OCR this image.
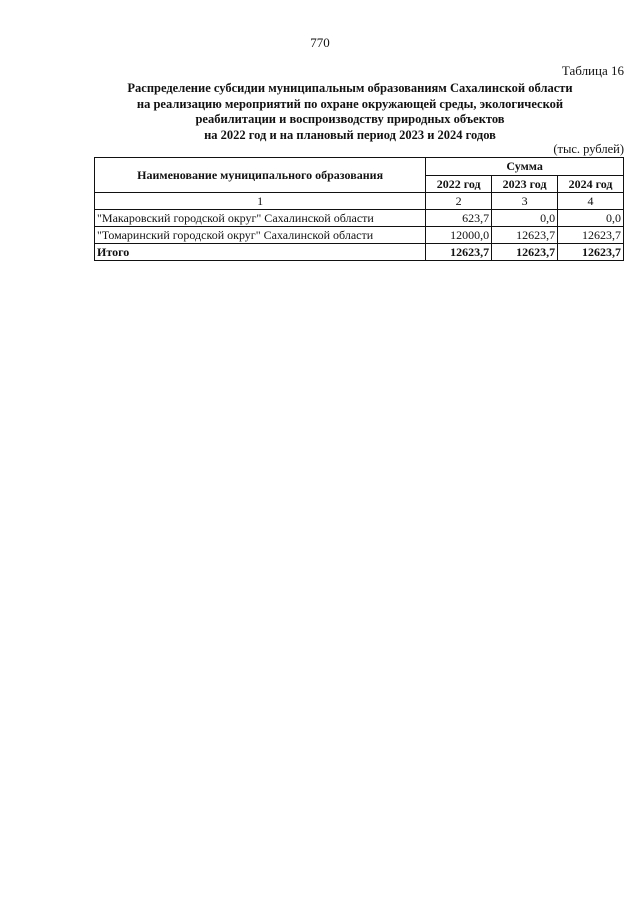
770
Таблица 16
Распределение субсидии муниципальным образованиям Сахалинской области
на реализацию мероприятий по охране окружающей среды, экологической
реабилитации и воспроизводству природных объектов
на 2022 год и на плановый период 2023 и 2024 годов
(тыс. рублей)
Наименование муниципального образования	Сумма		
	2022 год	2023 год	2024 год
1	2	3	4
"Макаровский городской округ" Сахалинской области	623,7	0,0	0,0
"Томаринский городской округ" Сахалинской области	12000,0	12623,7	12623,7
Итого	12623,7	12623,7	12623,7
